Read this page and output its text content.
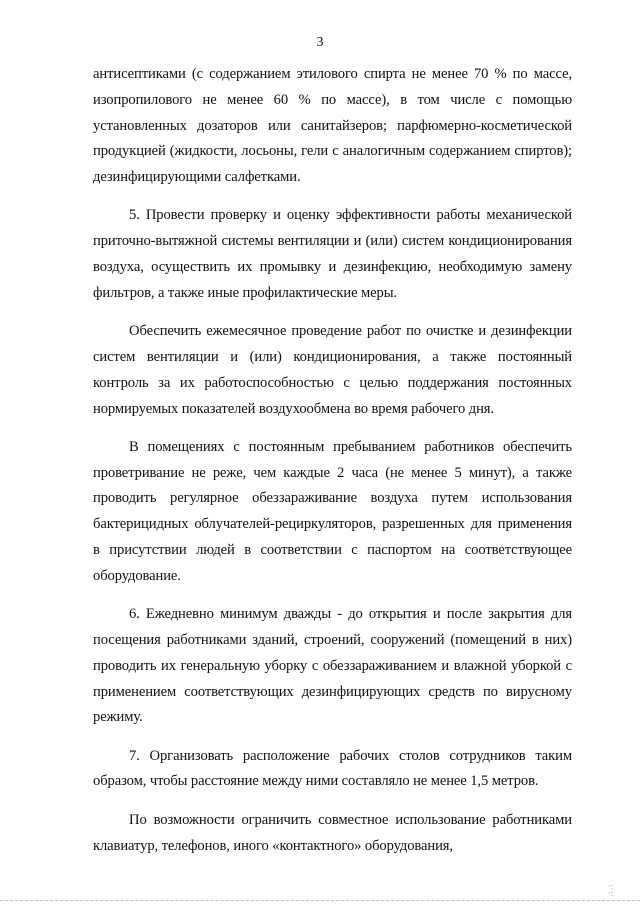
3

антисептиками (с содержанием этилового спирта не менее 70 % по массе, изопропилового не менее 60 % по массе), в том числе с помощью установленных дозаторов или санитайзеров; парфюмерно-косметической продукцией (жидкости, лосьоны, гели с аналогичным содержанием спиртов); дезинфицирующими салфетками.

5. Провести проверку и оценку эффективности работы механической приточно-вытяжной системы вентиляции и (или) систем кондиционирования воздуха, осуществить их промывку и дезинфекцию, необходимую замену фильтров, а также иные профилактические меры.

Обеспечить ежемесячное проведение работ по очистке и дезинфекции систем вентиляции и (или) кондиционирования, а также постоянный контроль за их работоспособностью с целью поддержания постоянных нормируемых показателей воздухообмена во время рабочего дня.

В помещениях с постоянным пребыванием работников обеспечить проветривание не реже, чем каждые 2 часа (не менее 5 минут), а также проводить регулярное обеззараживание воздуха путем использования бактерицидных облучателей-рециркуляторов, разрешенных для применения в присутствии людей в соответствии с паспортом на соответствующее оборудование.

6. Ежедневно минимум дважды - до открытия и после закрытия для посещения работниками зданий, строений, сооружений (помещений в них) проводить их генеральную уборку с обеззараживанием и влажной уборкой с применением соответствующих дезинфицирующих средств по вирусному режиму.

7. Организовать расположение рабочих столов сотрудников таким образом, чтобы расстояние между ними составляло не менее 1,5 метров.

По возможности ограничить совместное использование работниками клавиатур, телефонов, иного «контактного» оборудования,

·:
·:
